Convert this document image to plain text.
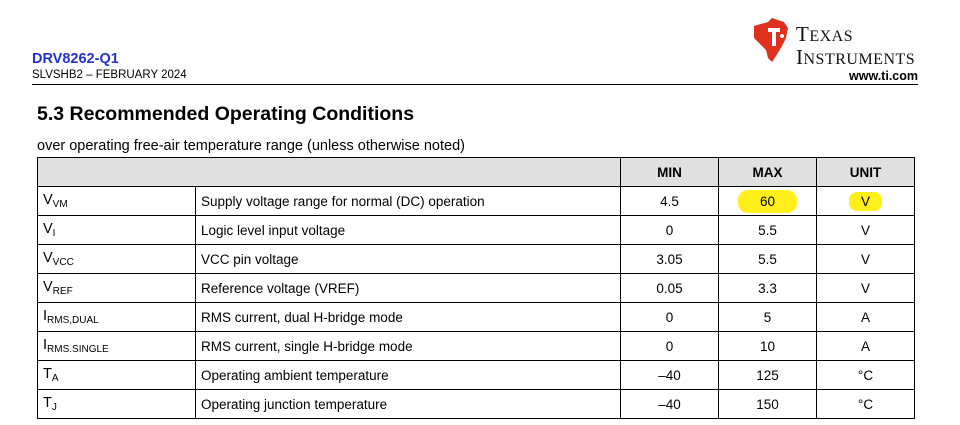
DRV8262-Q1
SLVSHB2 – FEBRUARY 2024	www.ti.com
TEXAS
INSTRUMENTS
5.3 Recommended Operating Conditions
over operating free-air temperature range (unless otherwise noted)
		MIN	MAX	UNIT
$V_{VM}$	Supply voltage range for normal (DC) operation	4.5	60	V
$V_I$	Logic level input voltage	0	5.5	V
$V_{VCC}$	VCC pin voltage	3.05	5.5	V
$V_{REF}$	Reference voltage (VREF)	0.05	3.3	V
$I_{RMS,DUAL}$	RMS current, dual H-bridge mode	0	5	A
$I_{RMS.SINGLE}$	RMS current, single H-bridge mode	0	10	A
$T_A$	Operating ambient temperature	–40	125	°C
$T_J$	Operating junction temperature	–40	150	°C
